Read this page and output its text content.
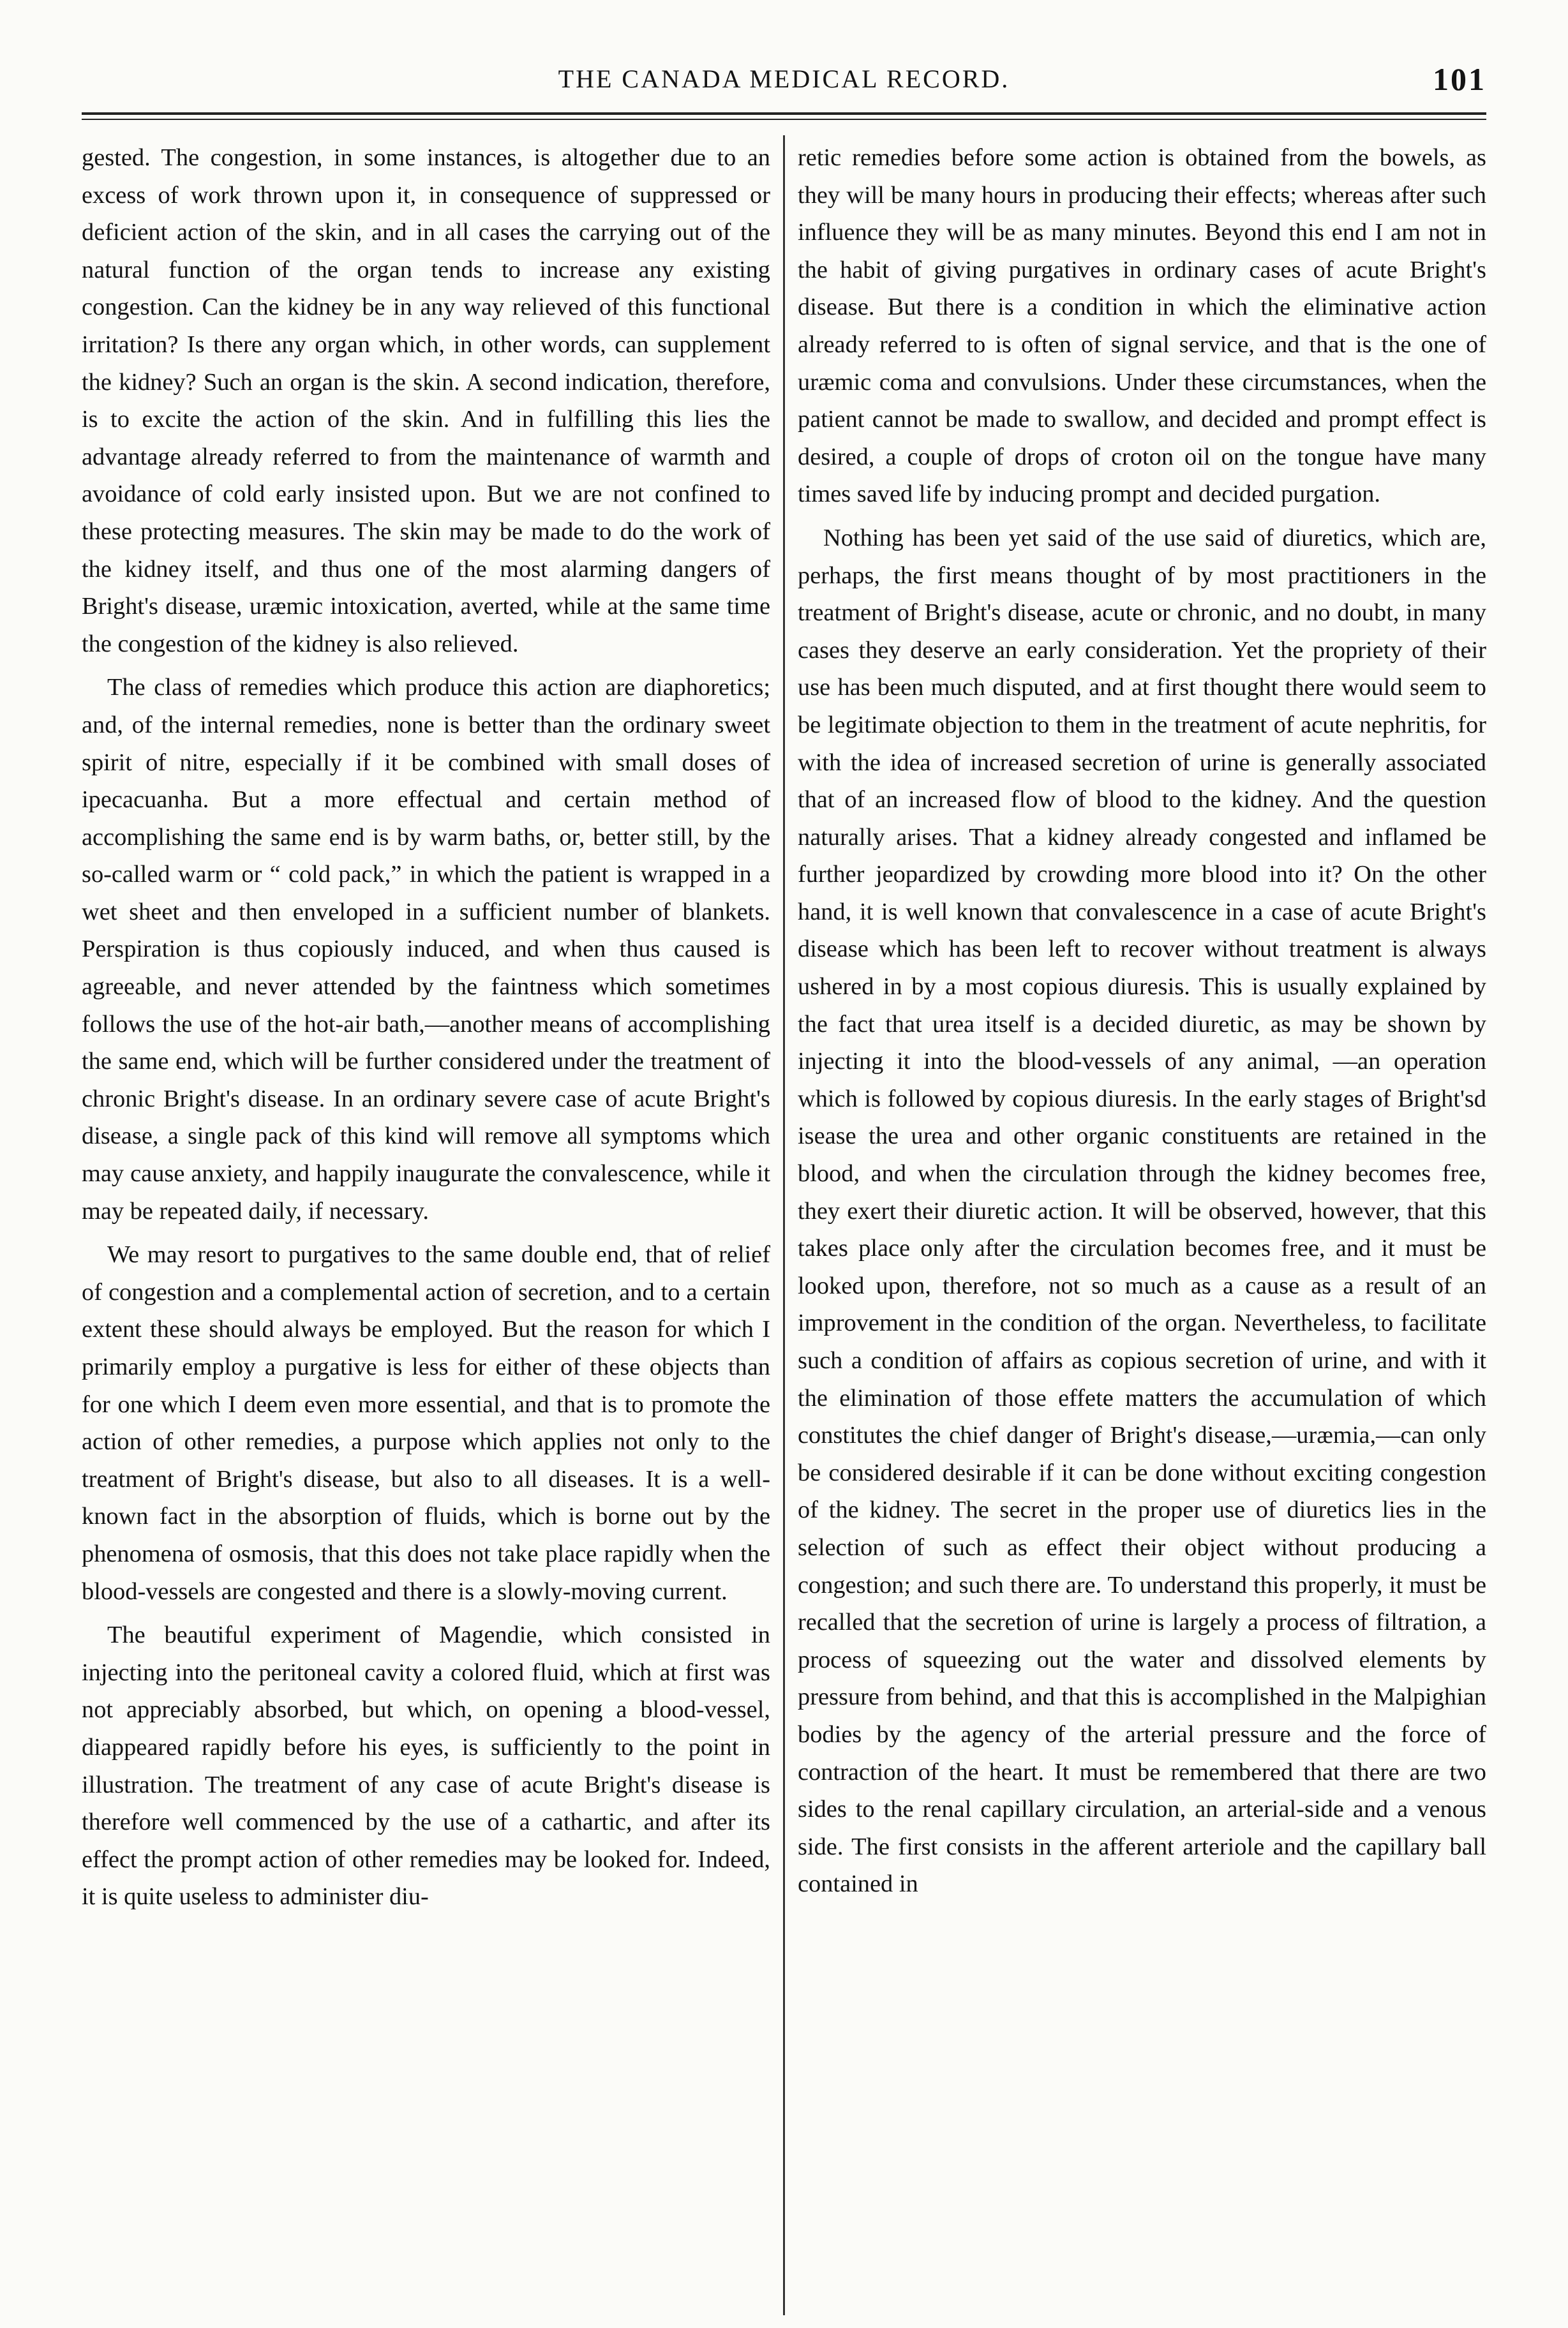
THE CANADA MEDICAL RECORD.	101

gested. The congestion, in some instances, is altogether due to an excess of work thrown upon it, in consequence of suppressed or deficient action of the skin, and in all cases the carrying out of the natural function of the organ tends to increase any existing congestion. Can the kidney be in any way relieved of this functional irritation? Is there any organ which, in other words, can supplement the kidney? Such an organ is the skin. A second indication, therefore, is to excite the action of the skin. And in fulfilling this lies the advantage already referred to from the maintenance of warmth and avoidance of cold early insisted upon. But we are not confined to these protecting measures. The skin may be made to do the work of the kidney itself, and thus one of the most alarming dangers of Bright's disease, uræmic intoxication, averted, while at the same time the congestion of the kidney is also relieved.

The class of remedies which produce this action are diaphoretics; and, of the internal remedies, none is better than the ordinary sweet spirit of nitre, especially if it be combined with small doses of ipecacuanha. But a more effectual and certain method of accomplishing the same end is by warm baths, or, better still, by the so-called warm or “ cold pack,” in which the patient is wrapped in a wet sheet and then enveloped in a sufficient number of blankets. Perspiration is thus copiously induced, and when thus caused is agreeable, and never attended by the faintness which sometimes follows the use of the hot-air bath,—another means of accomplishing the same end, which will be further considered under the treatment of chronic Bright's disease. In an ordinary severe case of acute Bright's disease, a single pack of this kind will remove all symptoms which may cause anxiety, and happily inaugurate the convalescence, while it may be repeated daily, if necessary.

We may resort to purgatives to the same double end, that of relief of congestion and a complemental action of secretion, and to a certain extent these should always be employed. But the reason for which I primarily employ a purgative is less for either of these objects than for one which I deem even more essential, and that is to promote the action of other remedies, a purpose which applies not only to the treatment of Bright's disease, but also to all diseases. It is a well-known fact in the absorption of fluids, which is borne out by the phenomena of osmosis, that this does not take place rapidly when the blood-vessels are congested and there is a slowly-moving current.

The beautiful experiment of Magendie, which consisted in injecting into the peritoneal cavity a colored fluid, which at first was not appreciably absorbed, but which, on opening a blood-vessel, diappeared rapidly before his eyes, is sufficiently to the point in illustration. The treatment of any case of acute Bright's disease is therefore well commenced by the use of a cathartic, and after its effect the prompt action of other remedies may be looked for. Indeed, it is quite useless to administer diu-

retic remedies before some action is obtained from the bowels, as they will be many hours in producing their effects; whereas after such influence they will be as many minutes. Beyond this end I am not in the habit of giving purgatives in ordinary cases of acute Bright's disease. But there is a condition in which the eliminative action already referred to is often of signal service, and that is the one of uræmic coma and convulsions. Under these circumstances, when the patient cannot be made to swallow, and decided and prompt effect is desired, a couple of drops of croton oil on the tongue have many times saved life by inducing prompt and decided purgation.

Nothing has been yet said of the use said of diuretics, which are, perhaps, the first means thought of by most practitioners in the treatment of Bright's disease, acute or chronic, and no doubt, in many cases they deserve an early consideration. Yet the propriety of their use has been much disputed, and at first thought there would seem to be legitimate objection to them in the treatment of acute nephritis, for with the idea of increased secretion of urine is generally associated that of an increased flow of blood to the kidney. And the question naturally arises. That a kidney already congested and inflamed be further jeopardized by crowding more blood into it? On the other hand, it is well known that convalescence in a case of acute Bright's disease which has been left to recover without treatment is always ushered in by a most copious diuresis. This is usually explained by the fact that urea itself is a decided diuretic, as may be shown by injecting it into the blood-vessels of any animal, —an operation which is followed by copious diuresis. In the early stages of Bright'sd isease the urea and other organic constituents are retained in the blood, and when the circulation through the kidney becomes free, they exert their diuretic action. It will be observed, however, that this takes place only after the circulation becomes free, and it must be looked upon, therefore, not so much as a cause as a result of an improvement in the condition of the organ. Nevertheless, to facilitate such a condition of affairs as copious secretion of urine, and with it the elimination of those effete matters the accumulation of which constitutes the chief danger of Bright's disease,—uræmia,—can only be considered desirable if it can be done without exciting congestion of the kidney. The secret in the proper use of diuretics lies in the selection of such as effect their object without producing a congestion; and such there are. To understand this properly, it must be recalled that the secretion of urine is largely a process of filtration, a process of squeezing out the water and dissolved elements by pressure from behind, and that this is accomplished in the Malpighian bodies by the agency of the arterial pressure and the force of contraction of the heart. It must be remembered that there are two sides to the renal capillary circulation, an arterial-side and a venous side. The first consists in the afferent arteriole and the capillary ball contained in
